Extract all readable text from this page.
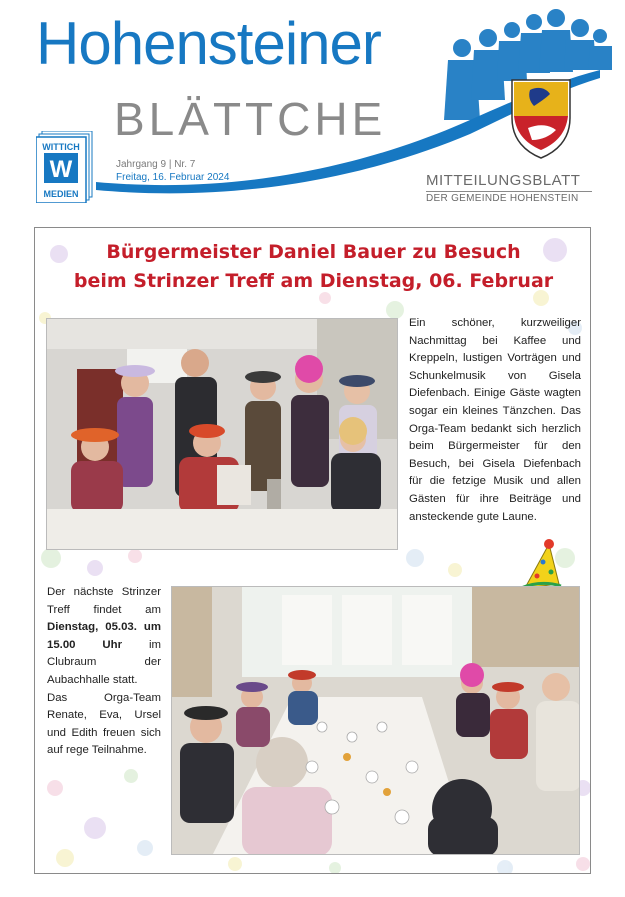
Hohensteiner
BLÄTTCHE
WITTICH
W
MEDIEN
Jahrgang 9 | Nr. 7
Freitag, 16. Februar 2024	MITTEILUNGSBLATT
DER GEMEINDE HOHENSTEIN
Bürgermeister Daniel Bauer zu Besuch
beim Strinzer Treff am Dienstag, 06. Februar

Ein schöner, kurzweiliger Nachmittag bei Kaffee und Kreppeln, lustigen Vorträgen und Schunkelmusik von Gisela Diefenbach. Einige Gäste wagten sogar ein kleines Tänzchen. Das Orga-Team bedankt sich herzlich beim Bürgermeister für den Besuch, bei Gisela Diefenbach für die fetzige Musik und allen Gästen für ihre Beiträge und ansteckende gute Laune.

Der nächste Strinzer Treff findet am Dienstag, 05.03. um 15.00 Uhr im Clubraum der Aubachhalle statt.
Das Orga-Team Renate, Eva, Ursel und Edith freuen sich auf rege Teilnahme.
